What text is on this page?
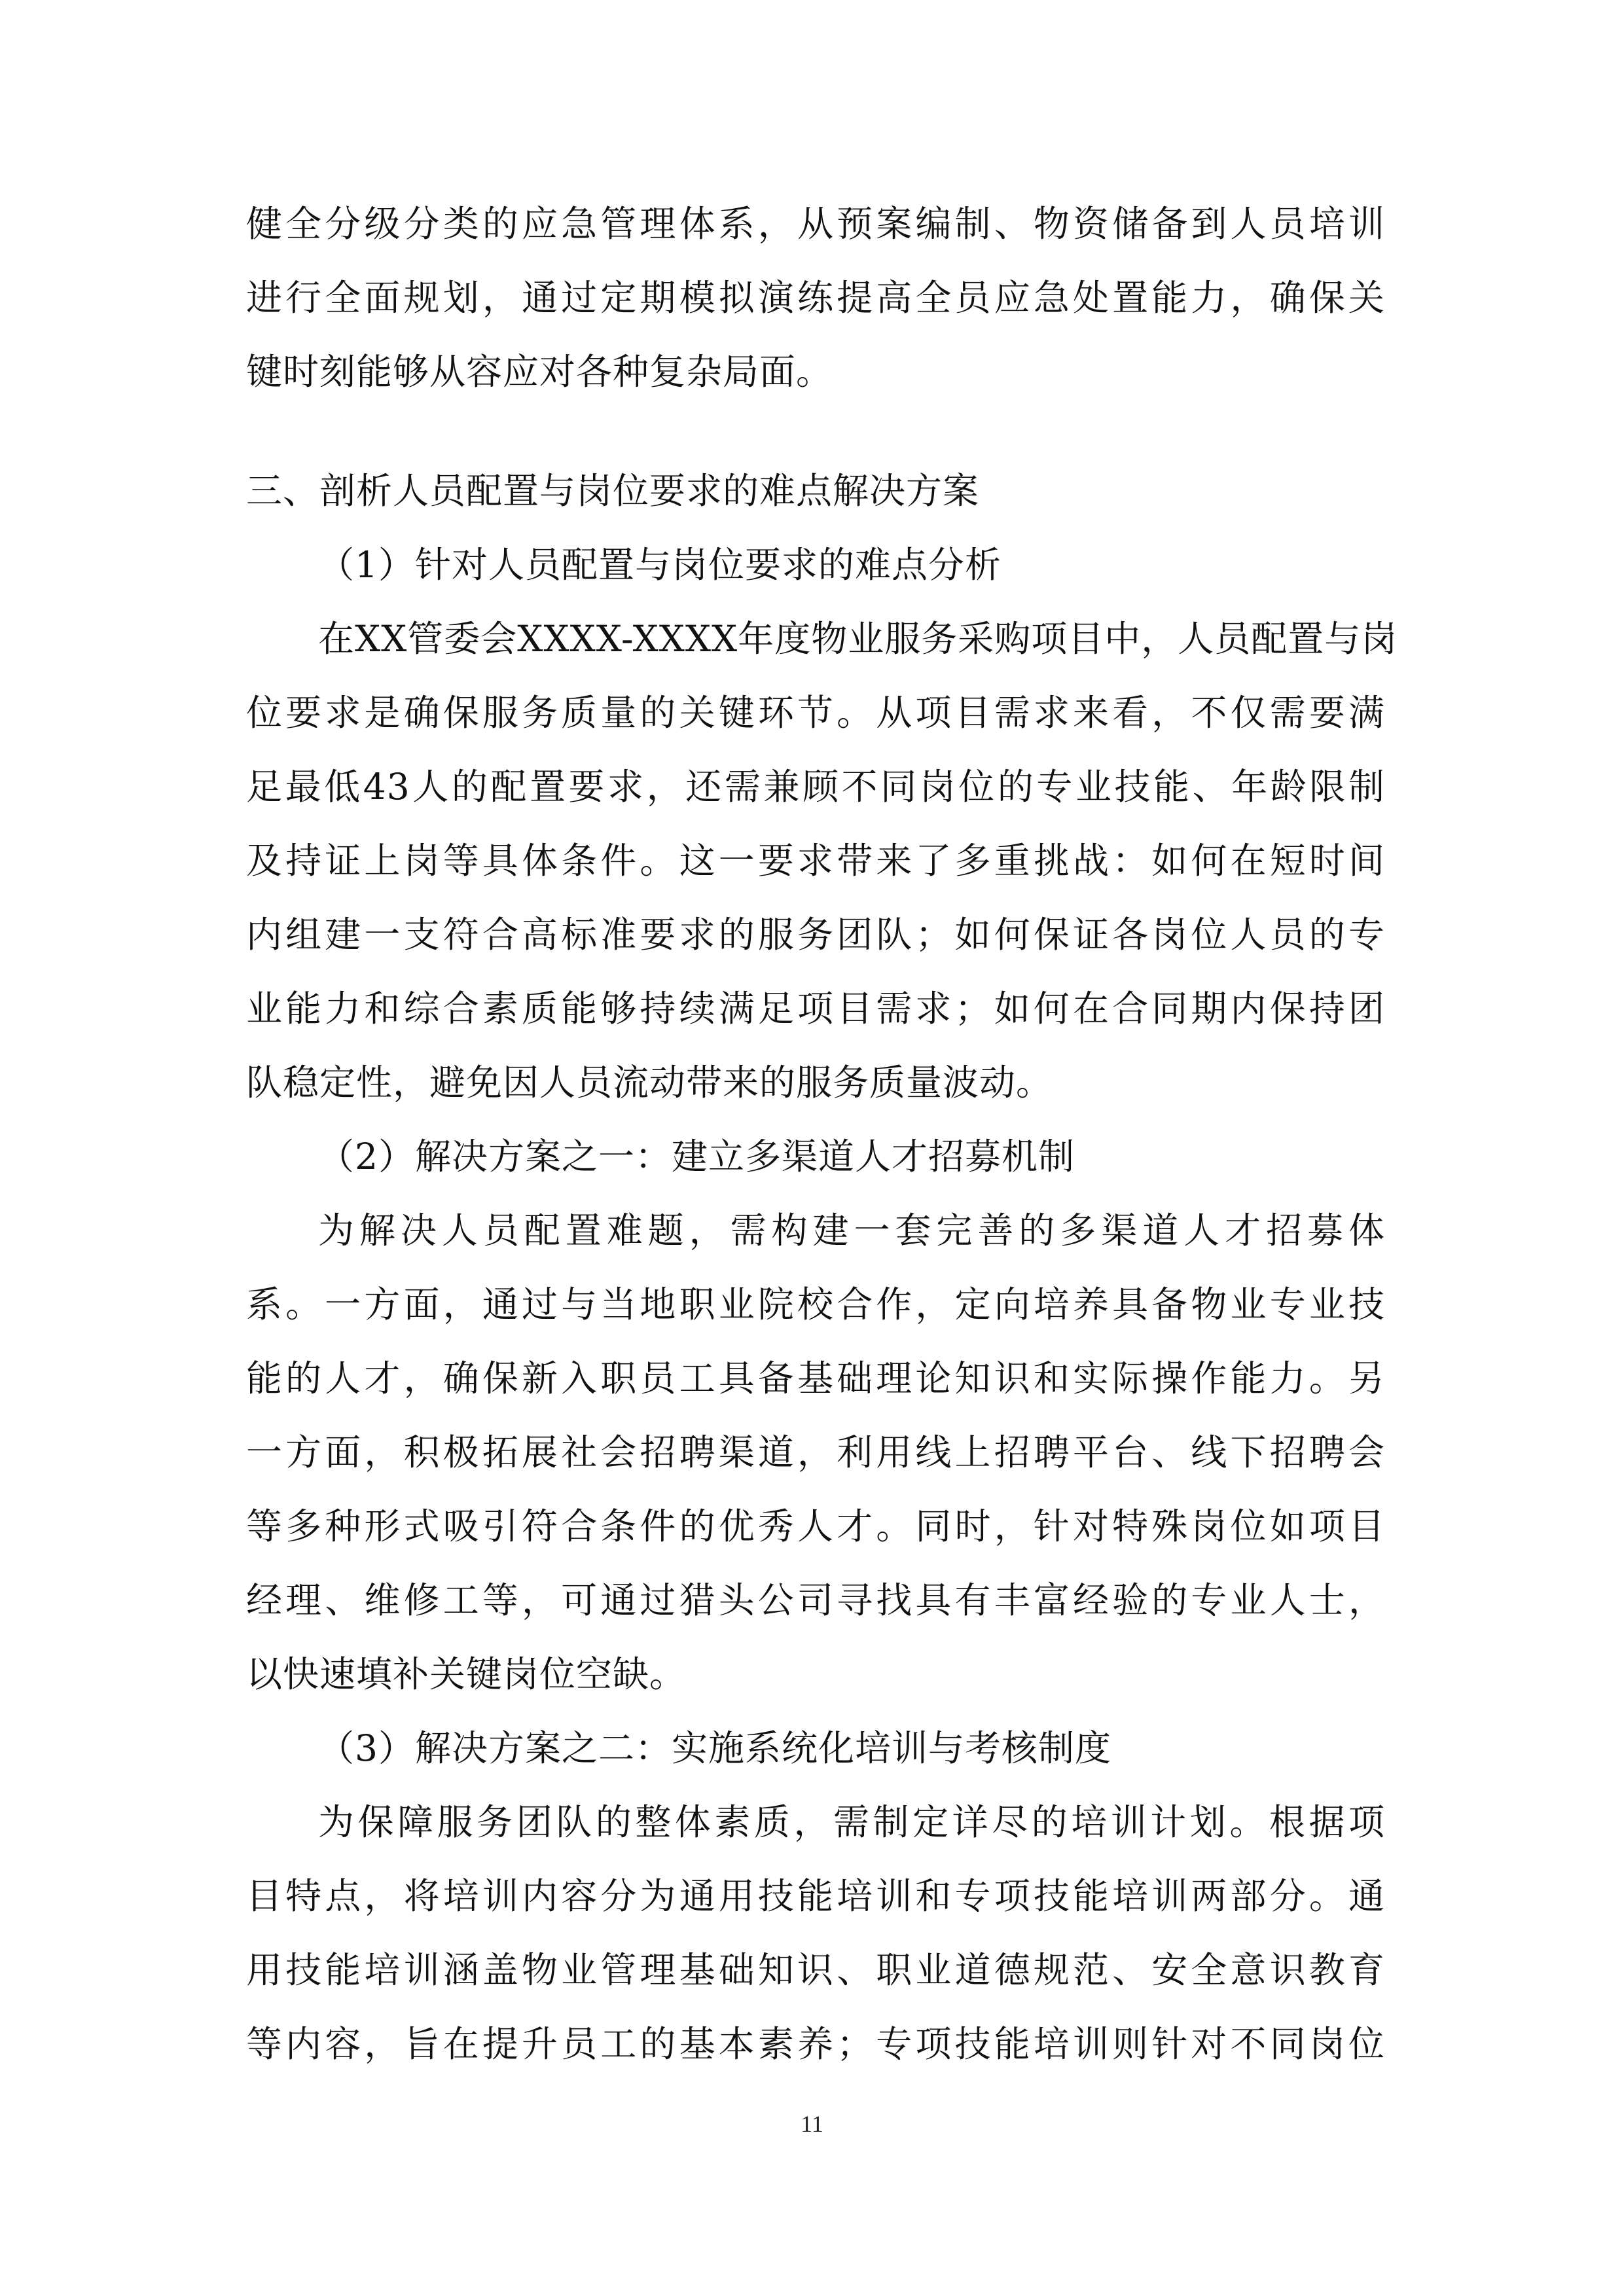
健全分级分类的应急管理体系，从预案编制、物资储备到人员培训
进行全面规划，通过定期模拟演练提高全员应急处置能力，确保关
键时刻能够从容应对各种复杂局面。
三、剖析人员配置与岗位要求的难点解决方案
（1）针对人员配置与岗位要求的难点分析
在XX管委会XXXX-XXXX年度物业服务采购项目中，人员配置与岗
位要求是确保服务质量的关键环节。从项目需求来看，不仅需要满
足最低43人的配置要求，还需兼顾不同岗位的专业技能、年龄限制
及持证上岗等具体条件。这一要求带来了多重挑战：如何在短时间
内组建一支符合高标准要求的服务团队；如何保证各岗位人员的专
业能力和综合素质能够持续满足项目需求；如何在合同期内保持团
队稳定性，避免因人员流动带来的服务质量波动。
（2）解决方案之一：建立多渠道人才招募机制
为解决人员配置难题，需构建一套完善的多渠道人才招募体
系。一方面，通过与当地职业院校合作，定向培养具备物业专业技
能的人才，确保新入职员工具备基础理论知识和实际操作能力。另
一方面，积极拓展社会招聘渠道，利用线上招聘平台、线下招聘会
等多种形式吸引符合条件的优秀人才。同时，针对特殊岗位如项目
经理、维修工等，可通过猎头公司寻找具有丰富经验的专业人士，
以快速填补关键岗位空缺。
（3）解决方案之二：实施系统化培训与考核制度
为保障服务团队的整体素质，需制定详尽的培训计划。根据项
目特点，将培训内容分为通用技能培训和专项技能培训两部分。通
用技能培训涵盖物业管理基础知识、职业道德规范、安全意识教育
等内容，旨在提升员工的基本素养；专项技能培训则针对不同岗位
11
